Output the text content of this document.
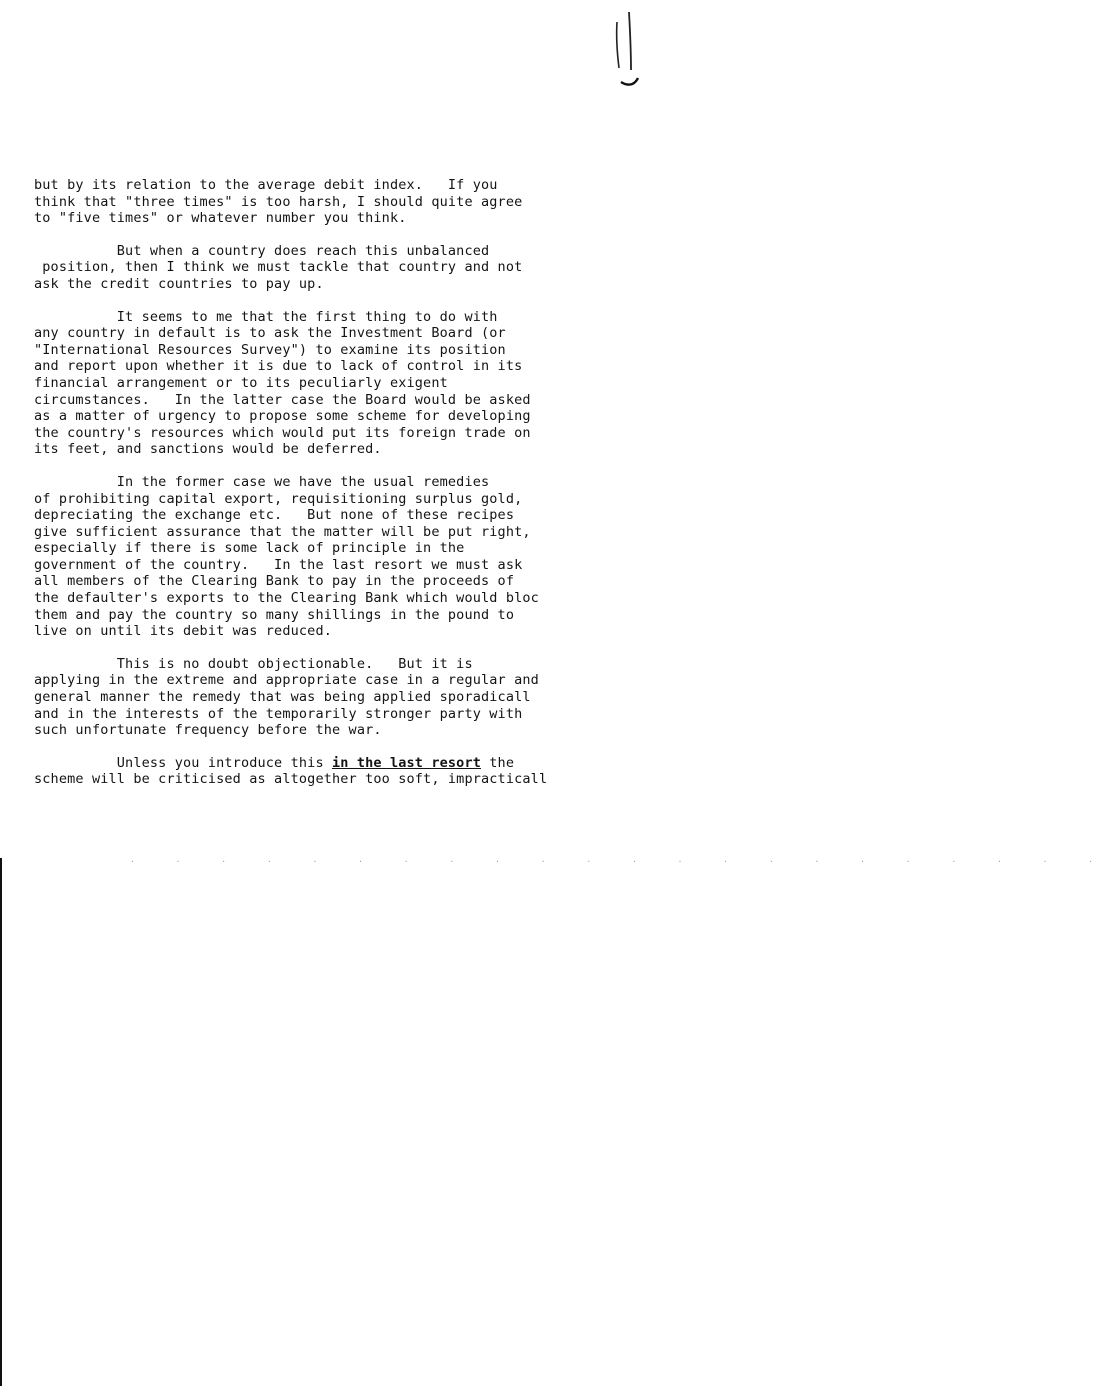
but by its relation to the average debit index.   If you
think that "three times" is too harsh, I should quite agree
to "five times" or whatever number you think.
But when a country does reach this unbalanced
position, then I think we must tackle that country and not
ask the credit countries to pay up.
It seems to me that the first thing to do with
any country in default is to ask the Investment Board (or
"International Resources Survey") to examine its position
and report upon whether it is due to lack of control in its
financial arrangement or to its peculiarly exigent
circumstances.   In the latter case the Board would be asked
as a matter of urgency to propose some scheme for developing
the country's resources which would put its foreign trade on
its feet, and sanctions would be deferred.
In the former case we have the usual remedies
of prohibiting capital export, requisitioning surplus gold,
depreciating the exchange etc.   But none of these recipes
give sufficient assurance that the matter will be put right,
especially if there is some lack of principle in the
government of the country.   In the last resort we must ask
all members of the Clearing Bank to pay in the proceeds of
the defaulter's exports to the Clearing Bank which would bloc
them and pay the country so many shillings in the pound to
live on until its debit was reduced.
This is no doubt objectionable.   But it is
applying in the extreme and appropriate case in a regular and
general manner the remedy that was being applied sporadicall
and in the interests of the temporarily stronger party with
such unfortunate frequency before the war.
Unless you introduce this in the last resort the
scheme will be criticised as altogether too soft, impracticall
. . . . . . . . . . . . . . . . . . . . . .
